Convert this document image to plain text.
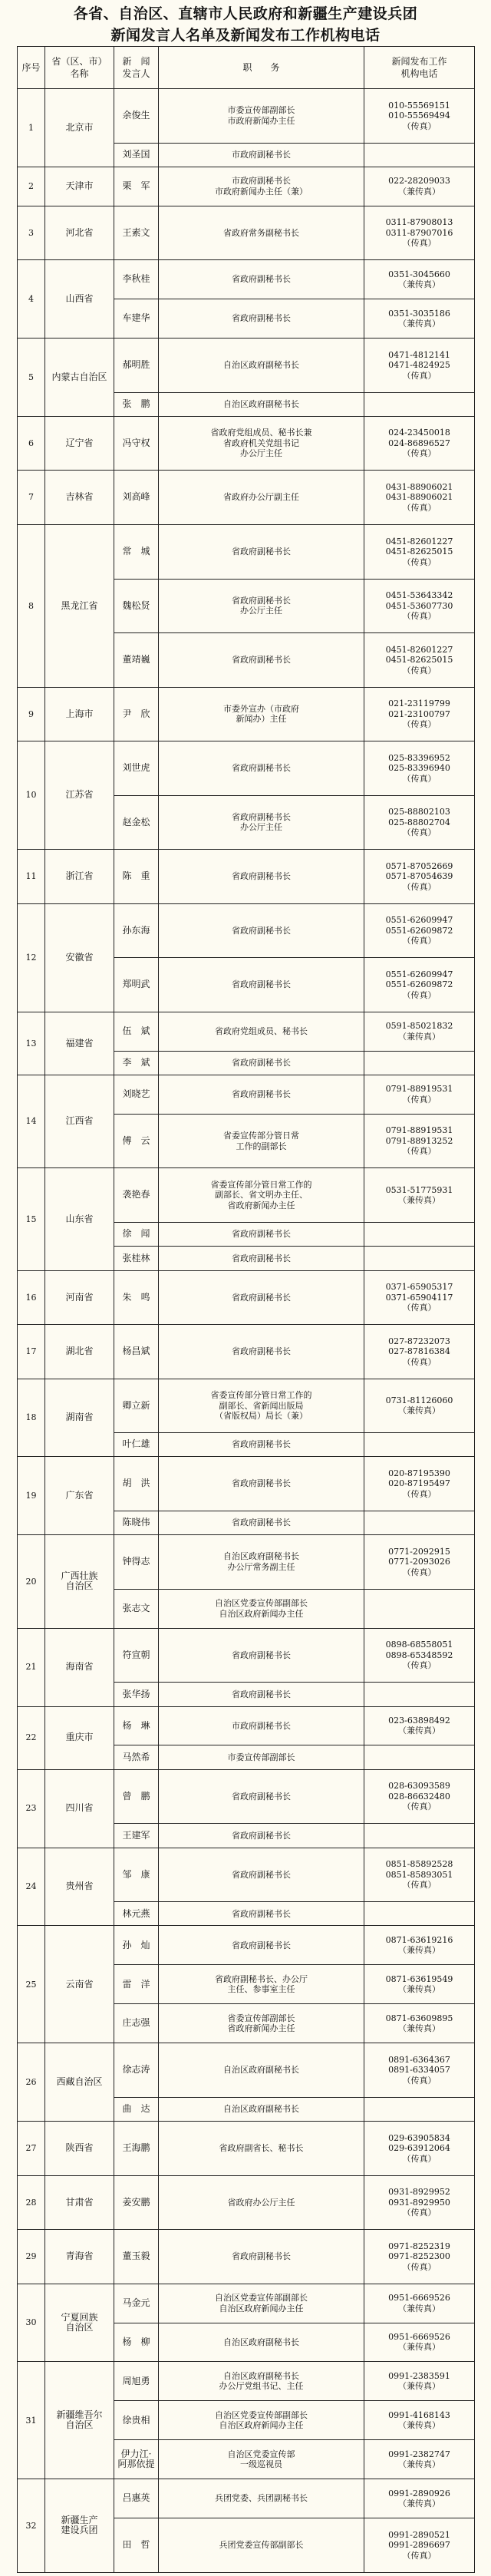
各省、自治区、直辖市人民政府和新疆生产建设兵团
新闻发言人名单及新闻发布工作机构电话
序号	省（区、市）
名称	新　闻
发言人	职　　务	新闻发布工作
机构电话
1	北京市	余俊生	市委宣传部副部长
市政府新闻办主任	010-55569151
010-55569494
（传真）
		刘圣国	市政府副秘书长	
2	天津市	栗　军	市政府副秘书长
市政府新闻办主任（兼）	022-28209033
（兼传真）
3	河北省	王素文	省政府常务副秘书长	0311-87908013
0311-87907016
（传真）
4	山西省	李秋桂	省政府副秘书长	0351-3045660
（兼传真）
		车建华	省政府副秘书长	0351-3035186
（兼传真）
5	内蒙古自治区	郝明胜	自治区政府副秘书长	0471-4812141
0471-4824925
（传真）
		张　鹏	自治区政府副秘书长	
6	辽宁省	冯守权	省政府党组成员、秘书长兼
省政府机关党组书记
办公厅主任	024-23450018
024-86896527
（传真）
7	吉林省	刘高峰	省政府办公厅副主任	0431-88906021
0431-88906021
（传真）
8	黑龙江省	常　城	省政府副秘书长	0451-82601227
0451-82625015
（传真）
		魏松贤	省政府副秘书长
办公厅主任	0451-53643342
0451-53607730
（传真）
		董靖巍	省政府副秘书长	0451-82601227
0451-82625015
（传真）
9	上海市	尹　欣	市委外宣办（市政府
新闻办）主任	021-23119799
021-23100797
（传真）
10	江苏省	刘世虎	省政府副秘书长	025-83396952
025-83396940
（传真）
		赵金松	省政府副秘书长
办公厅主任	025-88802103
025-88802704
（传真）
11	浙江省	陈　重	省政府副秘书长	0571-87052669
0571-87054639
（传真）
12	安徽省	孙东海	省政府副秘书长	0551-62609947
0551-62609872
（传真）
		郑明武	省政府副秘书长	0551-62609947
0551-62609872
（传真）
13	福建省	伍　斌	省政府党组成员、秘书长	0591-85021832
（兼传真）
		李　斌	省政府副秘书长	
14	江西省	刘晓艺	省政府副秘书长	0791-88919531
（传真）
		傅　云	省委宣传部分管日常
工作的副部长	0791-88919531
0791-88913252
（传真）
15	山东省	袭艳春	省委宣传部分管日常工作的
副部长、省文明办主任、
省政府新闻办主任	0531-51775931
（兼传真）
		徐　闻	省政府副秘书长	
		张桂林	省政府副秘书长	
16	河南省	朱　鸣	省政府副秘书长	0371-65905317
0371-65904117
（传真）
17	湖北省	杨昌斌	省政府副秘书长	027-87232073
027-87816384
（传真）
18	湖南省	卿立新	省委宣传部分管日常工作的
副部长、省新闻出版局
（省版权局）局长（兼）	0731-81126060
（兼传真）
		叶仁雄	省政府副秘书长	
19	广东省	胡　洪	省政府副秘书长	020-87195390
020-87195497
（传真）
		陈晓伟	省政府副秘书长	
20	广西壮族
自治区	钟得志	自治区政府副秘书长
办公厅常务副主任	0771-2092915
0771-2093026
（传真）
		张志文	自治区党委宣传部副部长
自治区政府新闻办主任	
21	海南省	符宣朝	省政府副秘书长	0898-68558051
0898-65348592
（传真）
		张华扬	省政府副秘书长	
22	重庆市	杨　琳	市政府副秘书长	023-63898492
（兼传真）
		马然希	市委宣传部副部长	
23	四川省	曾　鹏	省政府副秘书长	028-63093589
028-86632480
（传真）
		王建军	省政府副秘书长	
24	贵州省	邹　康	省政府副秘书长	0851-85892528
0851-85893051
（传真）
		林元燕	省政府副秘书长	
25	云南省	孙　灿	省政府副秘书长	0871-63619216
（兼传真）
		雷　洋	省政府副秘书长、办公厅
主任、参事室主任	0871-63619549
（兼传真）
		庄志强	省委宣传部副部长
省政府新闻办主任	0871-63609895
（兼传真）
26	西藏自治区	徐志涛	自治区政府副秘书长	0891-6364367
0891-6334057
（传真）
		曲　达	自治区政府副秘书长	
27	陕西省	王海鹏	省政府副省长、秘书长	029-63905834
029-63912064
（传真）
28	甘肃省	姜安鹏	省政府办公厅主任	0931-8929952
0931-8929950
（传真）
29	青海省	董玉毅	省政府副秘书长	0971-8252319
0971-8252300
（传真）
30	宁夏回族
自治区	马金元	自治区党委宣传部副部长
自治区政府新闻办主任	0951-6669526
（兼传真）
		杨　柳	自治区政府副秘书长	0951-6669526
（兼传真）
31	新疆维吾尔
自治区	周旭勇	自治区政府副秘书长
办公厅党组书记、主任	0991-2383591
（兼传真）
		徐贵相	自治区党委宣传部副部长
自治区政府新闻办主任	0991-4168143
（兼传真）
		伊力江·
阿那依提	自治区党委宣传部
一级巡视员	0991-2382747
（兼传真）
32	新疆生产
建设兵团	吕惠英	兵团党委、兵团副秘书长	0991-2890926
（兼传真）
		田　哲	兵团党委宣传部副部长	0991-2890521
0991-2896697
（传真）
